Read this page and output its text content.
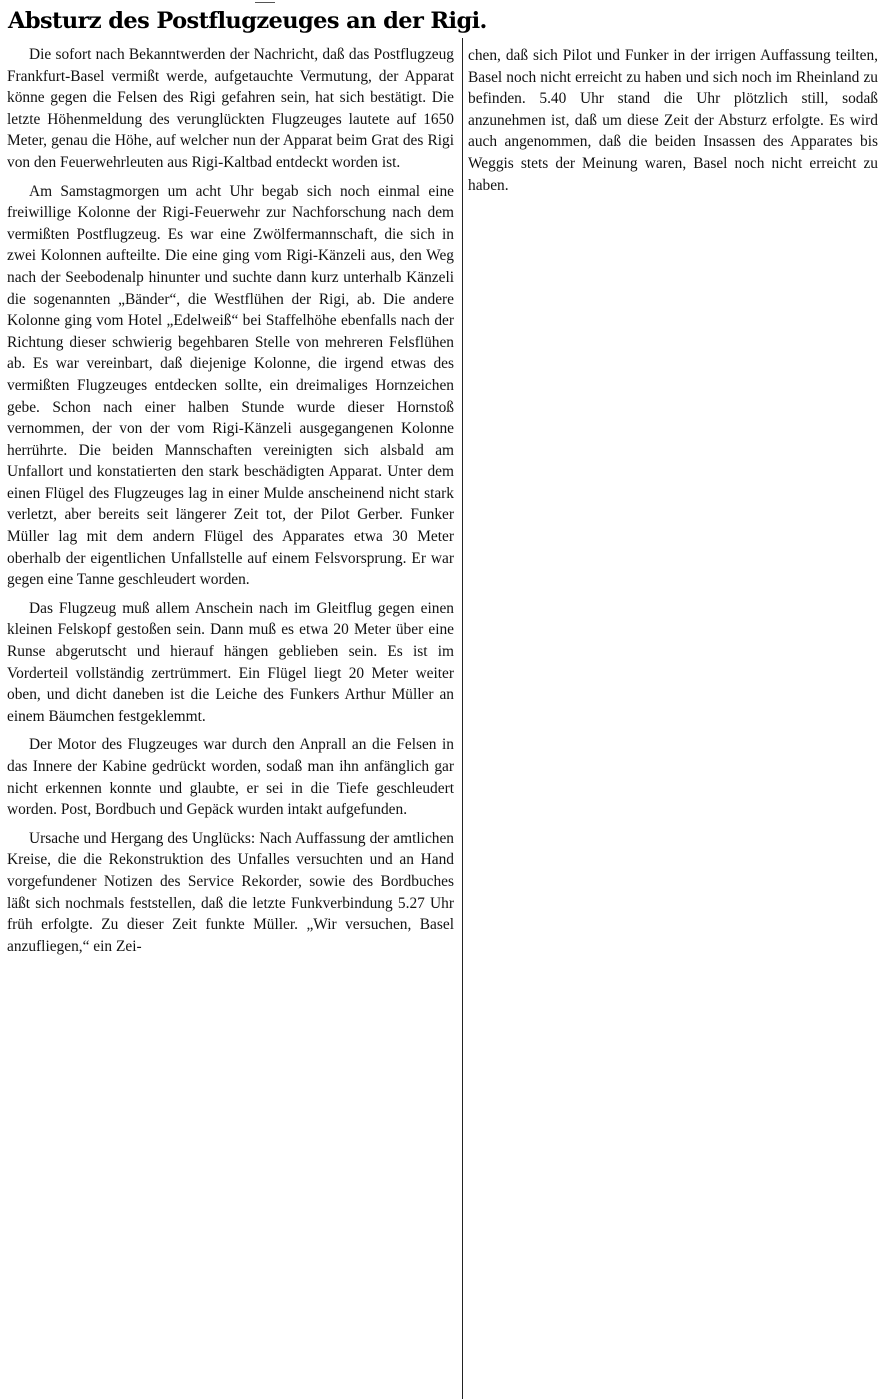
Absturz des Postflugzeuges an der Rigi.

Die sofort nach Bekanntwerden der Nachricht, daß das Postflugzeug Frankfurt-Basel vermißt werde, aufgetauchte Vermutung, der Apparat könne gegen die Felsen des Rigi gefahren sein, hat sich bestätigt. Die letzte Höhenmeldung des verunglückten Flugzeuges lautete auf 1650 Meter, genau die Höhe, auf welcher nun der Apparat beim Grat des Rigi von den Feuerwehrleuten aus Rigi-Kaltbad entdeckt worden ist.

Am Samstagmorgen um acht Uhr begab sich noch einmal eine freiwillige Kolonne der Rigi-Feuerwehr zur Nachforschung nach dem vermißten Postflugzeug. Es war eine Zwölfermannschaft, die sich in zwei Kolonnen aufteilte. Die eine ging vom Rigi-Känzeli aus, den Weg nach der Seebodenalp hinunter und suchte dann kurz unterhalb Känzeli die sogenannten „Bänder“, die Westflühen der Rigi, ab. Die andere Kolonne ging vom Hotel „Edelweiß“ bei Staffelhöhe ebenfalls nach der Richtung dieser schwierig begehbaren Stelle von mehreren Felsflühen ab. Es war vereinbart, daß diejenige Kolonne, die irgend etwas des vermißten Flugzeuges entdecken sollte, ein dreimaliges Hornzeichen gebe. Schon nach einer halben Stunde wurde dieser Hornstoß vernommen, der von der vom Rigi-Känzeli ausgegangenen Kolonne herrührte. Die beiden Mannschaften vereinigten sich alsbald am Unfallort und konstatierten den stark beschädigten Apparat. Unter dem einen Flügel des Flugzeuges lag in einer Mulde anscheinend nicht stark verletzt, aber bereits seit längerer Zeit tot, der Pilot Gerber. Funker Müller lag mit dem andern Flügel des Apparates etwa 30 Meter oberhalb der eigentlichen Unfallstelle auf einem Felsvorsprung. Er war gegen eine Tanne geschleudert worden.

Das Flugzeug muß allem Anschein nach im Gleitflug gegen einen kleinen Felskopf gestoßen sein. Dann muß es etwa 20 Meter über eine Runse abgerutscht und hierauf hängen geblieben sein. Es ist im Vorderteil vollständig zertrümmert. Ein Flügel liegt 20 Meter weiter oben, und dicht daneben ist die Leiche des Funkers Arthur Müller an einem Bäumchen festgeklemmt.

Der Motor des Flugzeuges war durch den Anprall an die Felsen in das Innere der Kabine gedrückt worden, sodaß man ihn anfänglich gar nicht erkennen konnte und glaubte, er sei in die Tiefe geschleudert worden. Post, Bordbuch und Gepäck wurden intakt aufgefunden.

Ursache und Hergang des Unglücks: Nach Auffassung der amtlichen Kreise, die die Rekonstruktion des Unfalles versuchten und an Hand vorgefundener Notizen des Service Rekorder, sowie des Bordbuches läßt sich nochmals feststellen, daß die letzte Funkverbindung 5.27 Uhr früh erfolgte. Zu dieser Zeit funkte Müller. „Wir versuchen, Basel anzufliegen,“ ein Zei-

chen, daß sich Pilot und Funker in der irrigen Auffassung teilten, Basel noch nicht erreicht zu haben und sich noch im Rheinland zu befinden. 5.40 Uhr stand die Uhr plötzlich still, sodaß anzunehmen ist, daß um diese Zeit der Absturz erfolgte. Es wird auch angenommen, daß die beiden Insassen des Apparates bis Weggis stets der Meinung waren, Basel noch nicht erreicht zu haben.
